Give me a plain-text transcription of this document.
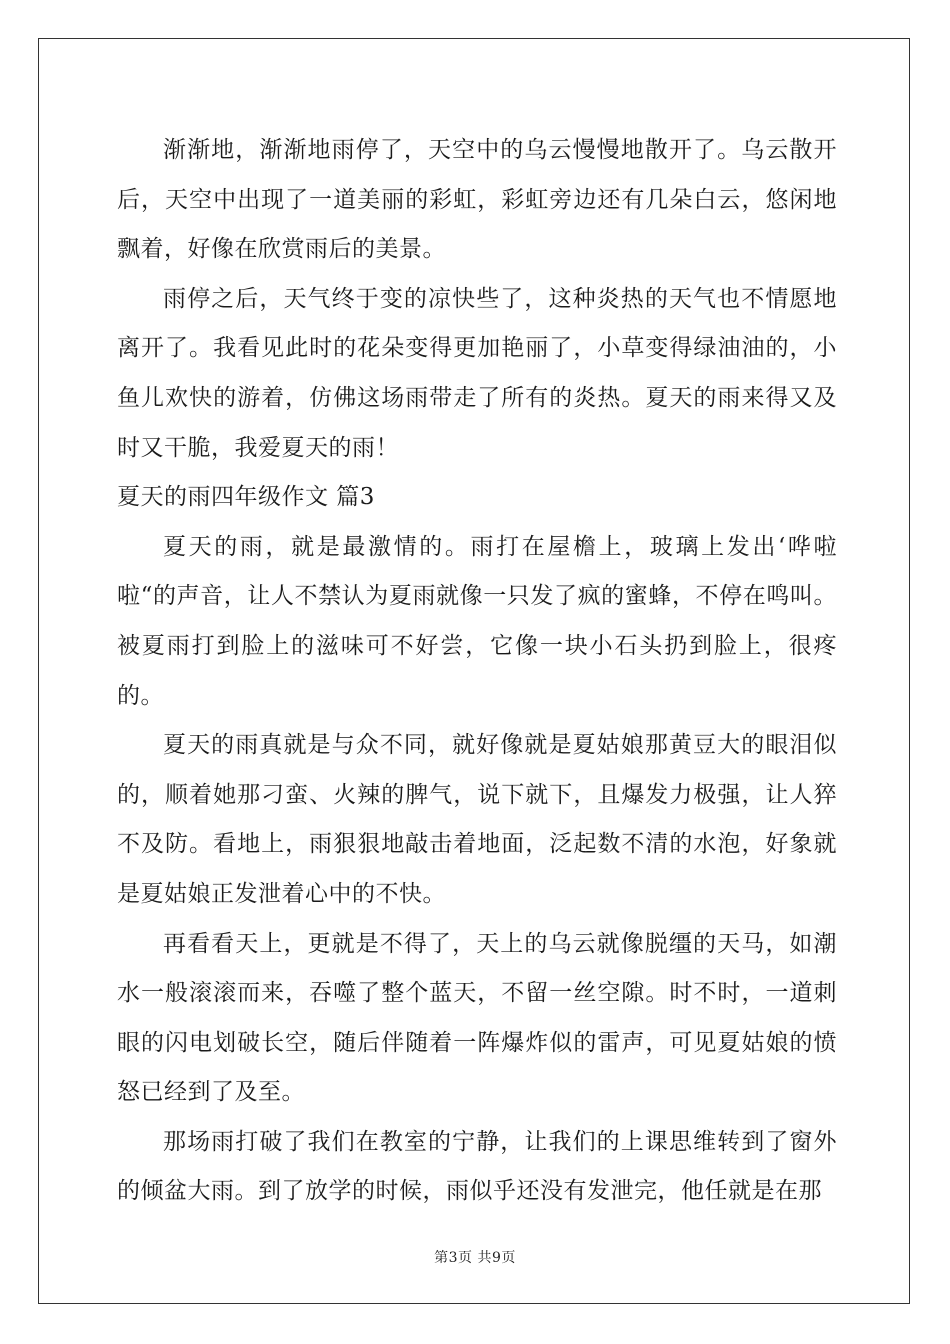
渐渐地，渐渐地雨停了，天空中的乌云慢慢地散开了。乌云散开后，天空中出现了一道美丽的彩虹，彩虹旁边还有几朵白云，悠闲地飘着，好像在欣赏雨后的美景。

雨停之后，天气终于变的凉快些了，这种炎热的天气也不情愿地离开了。我看见此时的花朵变得更加艳丽了，小草变得绿油油的，小鱼儿欢快的游着，仿佛这场雨带走了所有的炎热。夏天的雨来得又及时又干脆，我爱夏天的雨！

夏天的雨四年级作文 篇3

夏天的雨，就是最激情的。雨打在屋檐上，玻璃上发出‘哗啦啦“的声音，让人不禁认为夏雨就像一只发了疯的蜜蜂，不停在鸣叫。被夏雨打到脸上的滋味可不好尝，它像一块小石头扔到脸上，很疼的。

夏天的雨真就是与众不同，就好像就是夏姑娘那黄豆大的眼泪似的，顺着她那刁蛮、火辣的脾气，说下就下，且爆发力极强，让人猝不及防。看地上，雨狠狠地敲击着地面，泛起数不清的水泡，好象就是夏姑娘正发泄着心中的不快。

再看看天上，更就是不得了，天上的乌云就像脱缰的天马，如潮水一般滚滚而来，吞噬了整个蓝天，不留一丝空隙。时不时，一道刺眼的闪电划破长空，随后伴随着一阵爆炸似的雷声，可见夏姑娘的愤怒已经到了及至。

那场雨打破了我们在教室的宁静，让我们的上课思维转到了窗外的倾盆大雨。到了放学的时候，雨似乎还没有发泄完，他任就是在那

第3页 共9页
